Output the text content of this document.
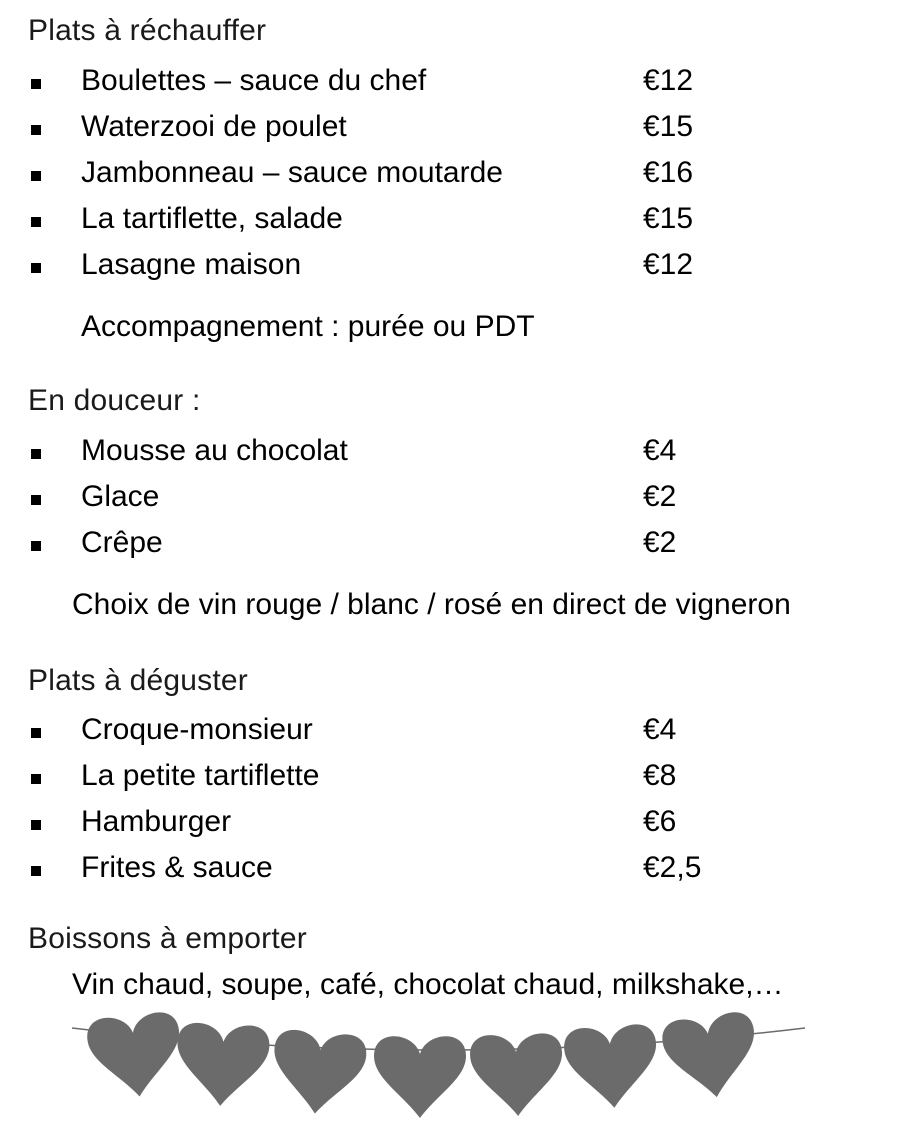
Plats à réchauffer
Boulettes – sauce du chef	€12
Waterzooi de poulet	€15
Jambonneau – sauce moutarde	€16
La tartiflette, salade	€15
Lasagne maison	€12
Accompagnement : purée ou PDT
En douceur :
Mousse au chocolat	€4
Glace	€2
Crêpe	€2
Choix de vin rouge / blanc / rosé en direct de vigneron
Plats à déguster
Croque-monsieur	€4
La petite tartiflette	€8
Hamburger	€6
Frites & sauce	€2,5
Boissons à emporter
Vin chaud, soupe, café, chocolat chaud, milkshake,…
